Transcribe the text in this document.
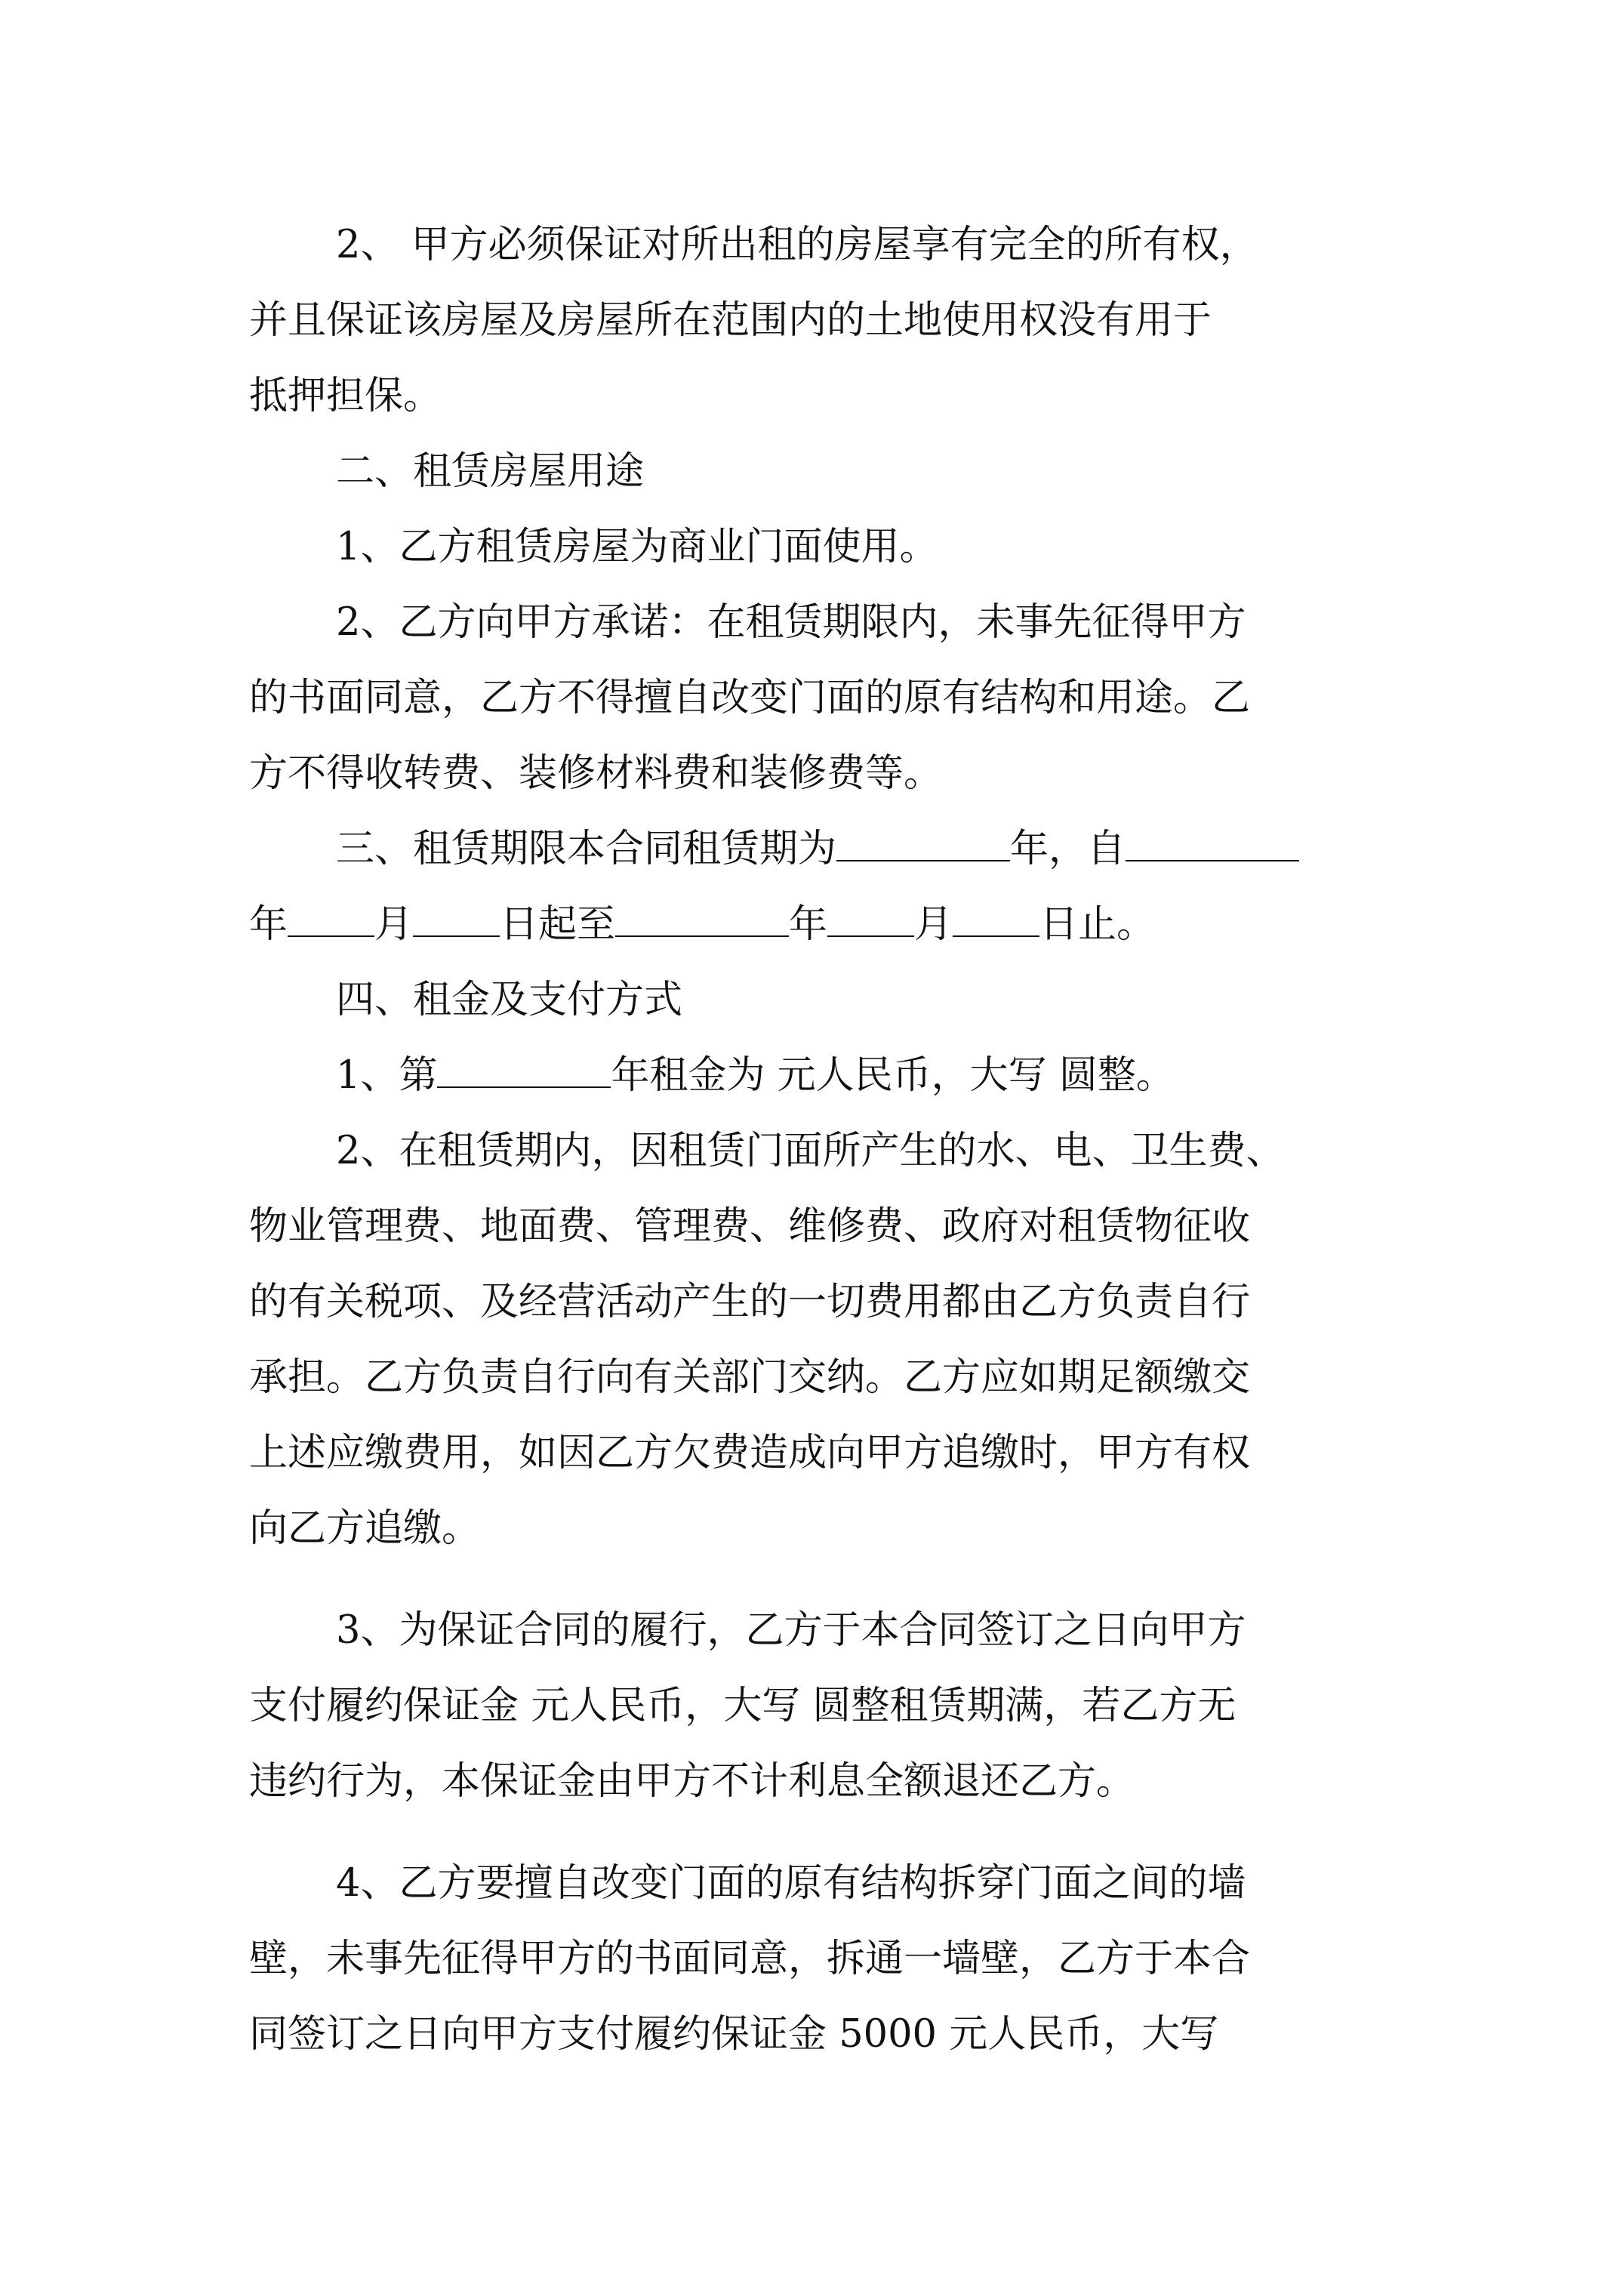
2、 甲方必须保证对所出租的房屋享有完全的所有权，
并且保证该房屋及房屋所在范围内的土地使用权没有用于
抵押担保。
二、租赁房屋用途
1、乙方租赁房屋为商业门面使用。
2、乙方向甲方承诺：在租赁期限内，未事先征得甲方
的书面同意，乙方不得擅自改变门面的原有结构和用途。乙
方不得收转费、装修材料费和装修费等。
三、租赁期限本合同租赁期为	年，自
年 月 日起至	年 月 日止。
四、租金及支付方式
1、第	年租金为 元人民币，大写 圆整。
2、在租赁期内，因租赁门面所产生的水、电、卫生费、
物业管理费、地面费、管理费、维修费、政府对租赁物征收
的有关税项、及经营活动产生的一切费用都由乙方负责自行
承担。乙方负责自行向有关部门交纳。乙方应如期足额缴交
上述应缴费用，如因乙方欠费造成向甲方追缴时，甲方有权
向乙方追缴。
3、为保证合同的履行，乙方于本合同签订之日向甲方
支付履约保证金 元人民币，大写 圆整租赁期满，若乙方无
违约行为，本保证金由甲方不计利息全额退还乙方。
4、乙方要擅自改变门面的原有结构拆穿门面之间的墙
壁，未事先征得甲方的书面同意，拆通一墙壁，乙方于本合
同签订之日向甲方支付履约保证金 5000 元人民币，大写
